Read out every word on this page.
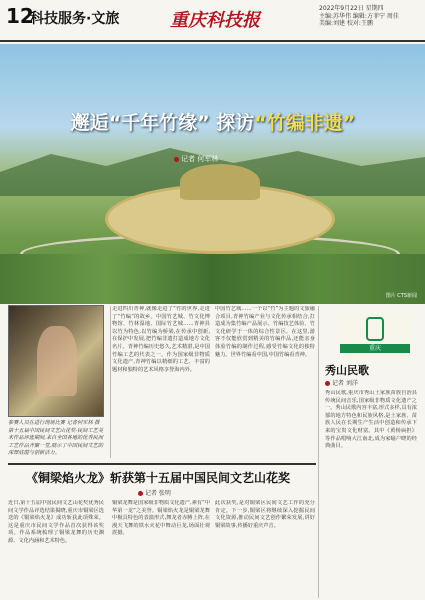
12
科技服务·文旅	重庆科技报
2022年9月22日 星期四
主编:苏华伟 编辑:方菲宁 周佳
美编:刘建 校对:王鹏
邂逅“千年竹缘” 探访“竹编非遗”
记者 何军林
图片 CTS新闻
参赛人员在进行现场比赛 记者何军林 摄 第十五届中国民间文艺山花奖·民间工艺美术作品评选期间,来自全国各地的优秀民间工艺作品齐聚一堂,展示了中国民间文艺的深厚底蕴与创新活力。
走进四川青神,就像走进了“竹的世界,走进了“竹编”的故乡。中国竹艺城、竹文化博物馆、竹林湿地、国际竹艺城……青神县以竹为特色,以竹编为桥梁,在传承中创新,在保护中发展,把竹编非遗打造成地方文化名片。青神竹编历史悠久,艺术精湛,是中国竹编工艺的代表之一。作为国家级非物质文化遗产,青神竹编以精细的工艺、丰富的题材和独特的艺术风格享誉海内外。
中国竹艺城……一个以“竹”为主题的文旅融合项目,青神竹编产业与文化传承相结合,打造成为集竹编产品展示、竹编技艺体验、竹文化研学于一体的综合性景区。在这里,游客不仅能欣赏到精美的竹编作品,还能亲身体验竹编的制作过程,感受竹编文化的独特魅力。世界竹编看中国,中国竹编看青神。
重庆
秀山民歌
记者 刘洋
秀山民歌,重庆市秀山土家族苗族自治县传统民间音乐,国家级非物质文化遗产之一。秀山民歌内容丰富,形式多样,具有浓郁的地方特色和民族风格,是土家族、苗族人民在长期生产生活中创造和传承下来的宝贵文化财富。其中《黄杨扁担》等作品唱响大江南北,成为家喻户晓的经典曲目。
《铜梁焰火龙》斩获第十五届中国民间文艺山花奖
记者 张明
近日,第十五届中国民间文艺山花奖优秀民间文学作品评选结果揭晓,重庆市铜梁区选送的《铜梁焰火龙》成功斩获此项殊荣。这是重庆市民间文学作品首次获得该奖项。作品系统梳理了铜梁龙舞的历史渊源、文化内涵和艺术特色。
铜梁龙舞是国家级非物质文化遗产,素有“中华第一龙”之美誉。铜梁焰火龙是铜梁龙舞中极具特色的表演形式,舞龙者赤膊上阵,在漫天飞舞的铁水火花中舞动巨龙,场面壮观震撼。
此次获奖,是对铜梁区民间文艺工作的充分肯定。下一步,铜梁区将继续深入挖掘民间文化资源,推动民间文艺创作繁荣发展,讲好铜梁故事,传播好重庆声音。
